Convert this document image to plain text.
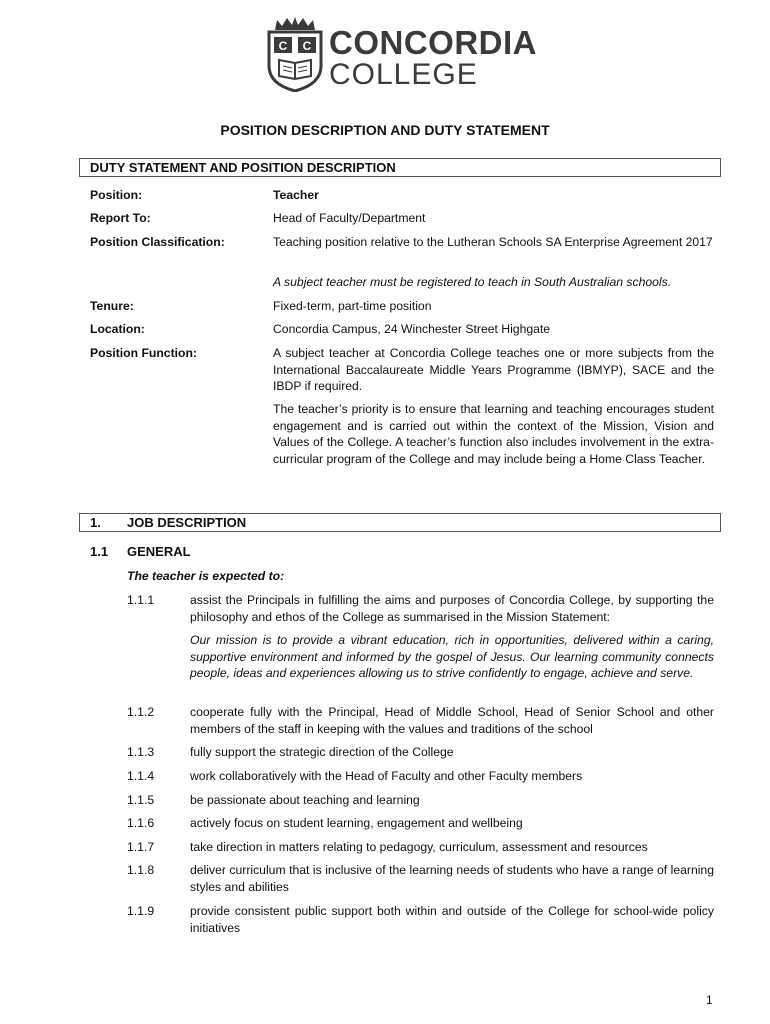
C C CONCORDIA
COLLEGE
POSITION DESCRIPTION AND DUTY STATEMENT
DUTY STATEMENT AND POSITION DESCRIPTION
Position:	Teacher
Report To:	Head of Faculty/Department
Position Classification:	Teaching position relative to the Lutheran Schools SA Enterprise Agreement 2017
A subject teacher must be registered to teach in South Australian schools.
Tenure:	Fixed-term, part-time position
Location:	Concordia Campus, 24 Winchester Street Highgate
Position Function:	A subject teacher at Concordia College teaches one or more subjects from the International Baccalaureate Middle Years Programme (IBMYP), SACE and the IBDP if required.
The teacher’s priority is to ensure that learning and teaching encourages student engagement and is carried out within the context of the Mission, Vision and Values of the College. A teacher’s function also includes involvement in the extra-curricular program of the College and may include being a Home Class Teacher.
1. JOB DESCRIPTION
1.1 GENERAL
The teacher is expected to:
1.1.1	assist the Principals in fulfilling the aims and purposes of Concordia College, by supporting the philosophy and ethos of the College as summarised in the Mission Statement:
Our mission is to provide a vibrant education, rich in opportunities, delivered within a caring, supportive environment and informed by the gospel of Jesus. Our learning community connects people, ideas and experiences allowing us to strive confidently to engage, achieve and serve.
1.1.2	cooperate fully with the Principal, Head of Middle School, Head of Senior School and other members of the staff in keeping with the values and traditions of the school
1.1.3	fully support the strategic direction of the College
1.1.4	work collaboratively with the Head of Faculty and other Faculty members
1.1.5	be passionate about teaching and learning
1.1.6	actively focus on student learning, engagement and wellbeing
1.1.7	take direction in matters relating to pedagogy, curriculum, assessment and resources
1.1.8	deliver curriculum that is inclusive of the learning needs of students who have a range of learning styles and abilities
1.1.9	provide consistent public support both within and outside of the College for school-wide policy initiatives
1
